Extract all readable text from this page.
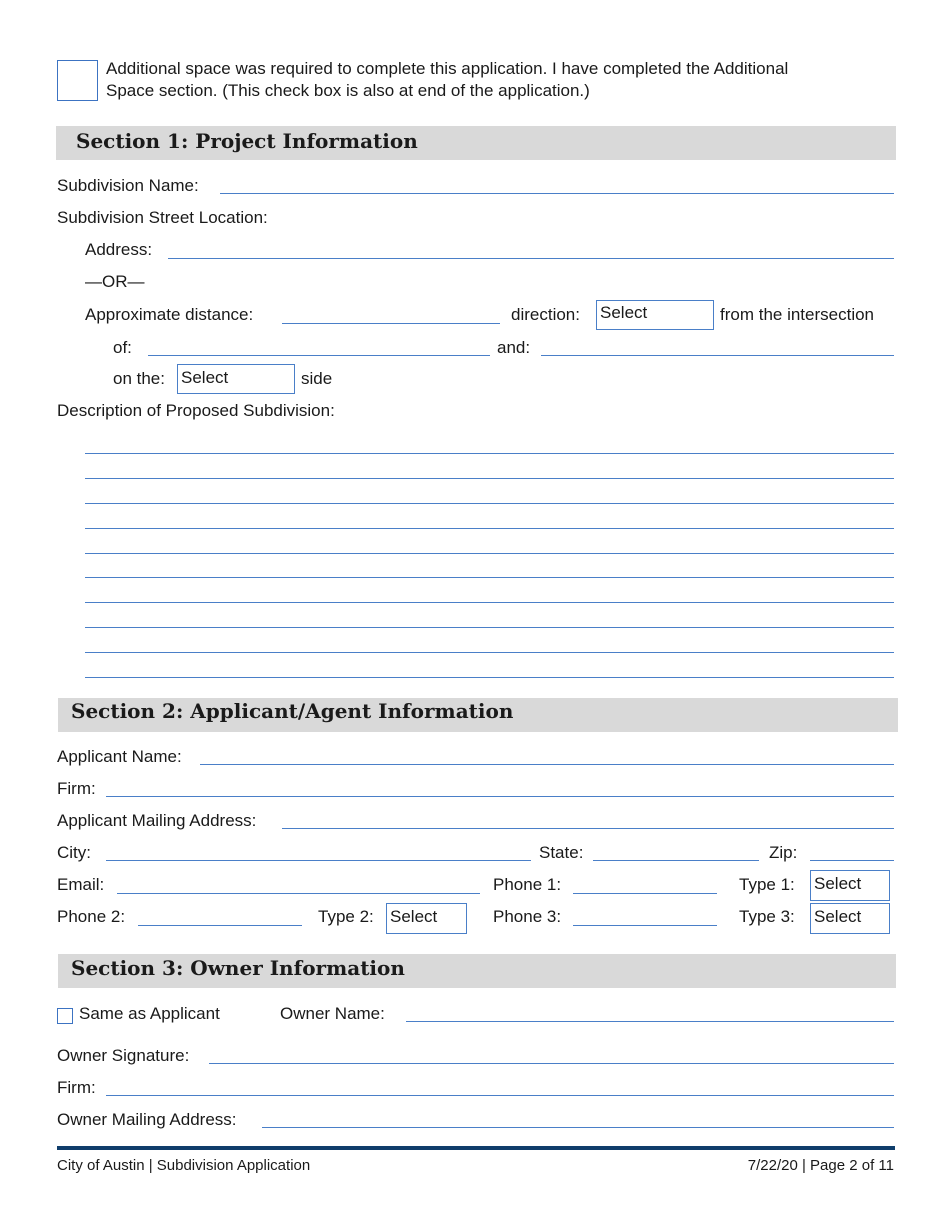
Additional space was required to complete this application. I have completed the Additional
Space section. (This check box is also at end of the application.)
Section 1: Project Information
Subdivision Name:
Subdivision Street Location:
Address:
—OR—
Approximate distance:	direction: Select	from the intersection
of:	and:
on the: Select	side
Description of Proposed Subdivision:
Section 2: Applicant/Agent Information
Applicant Name:
Firm:
Applicant Mailing Address:
City:	State:	Zip:
Email:	Phone 1:	Type 1: Select
Phone 2:	Type 2: Select	Phone 3:	Type 3: Select
Section 3: Owner Information
Same as Applicant	Owner Name:
Owner Signature:
Firm:
Owner Mailing Address:
City of Austin | Subdivision Application	7/22/20 | Page 2 of 11
